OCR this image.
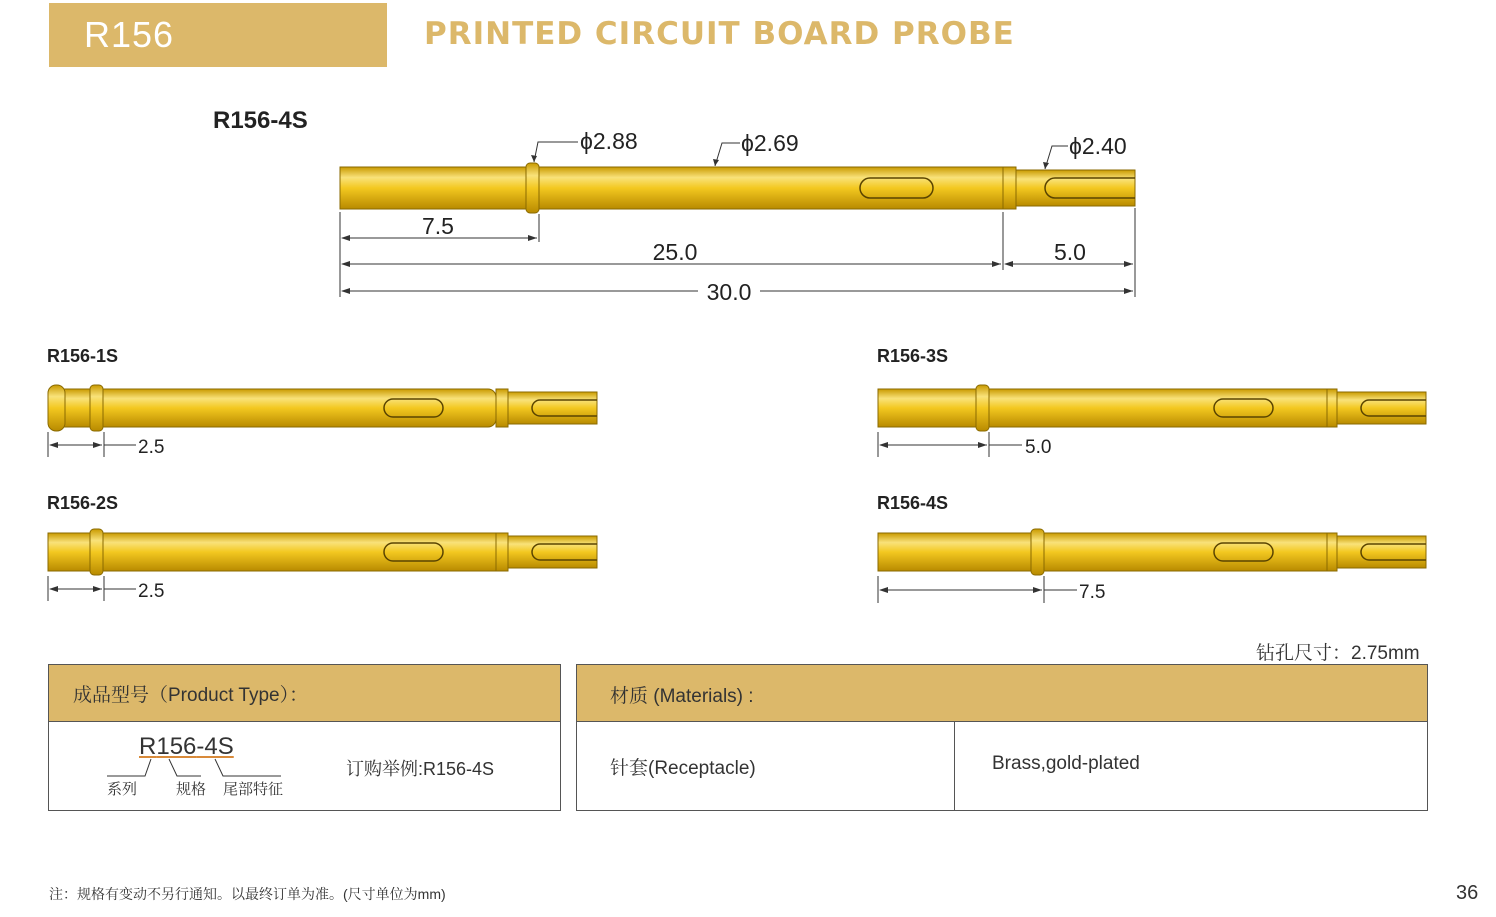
R156	PRINTED CIRCUIT BOARD PROBE
R156-4S
ϕ2.88	ϕ2.69	ϕ2.40
7.5
25.0	5.0
30.0
2.5	5.0
2.5	7.5
R156-1S	R156-3S
R156-2S	R156-4S
钻孔尺寸：2.75mm
成品型号（Product Type）：
R156-4S
系列	规格 尾部特征
订购举例:R156-4S
材质 (Materials) :
针套(Receptacle)	Brass,gold-plated
注：规格有变动不另行通知。以最终订单为准。(尺寸单位为mm)	36
